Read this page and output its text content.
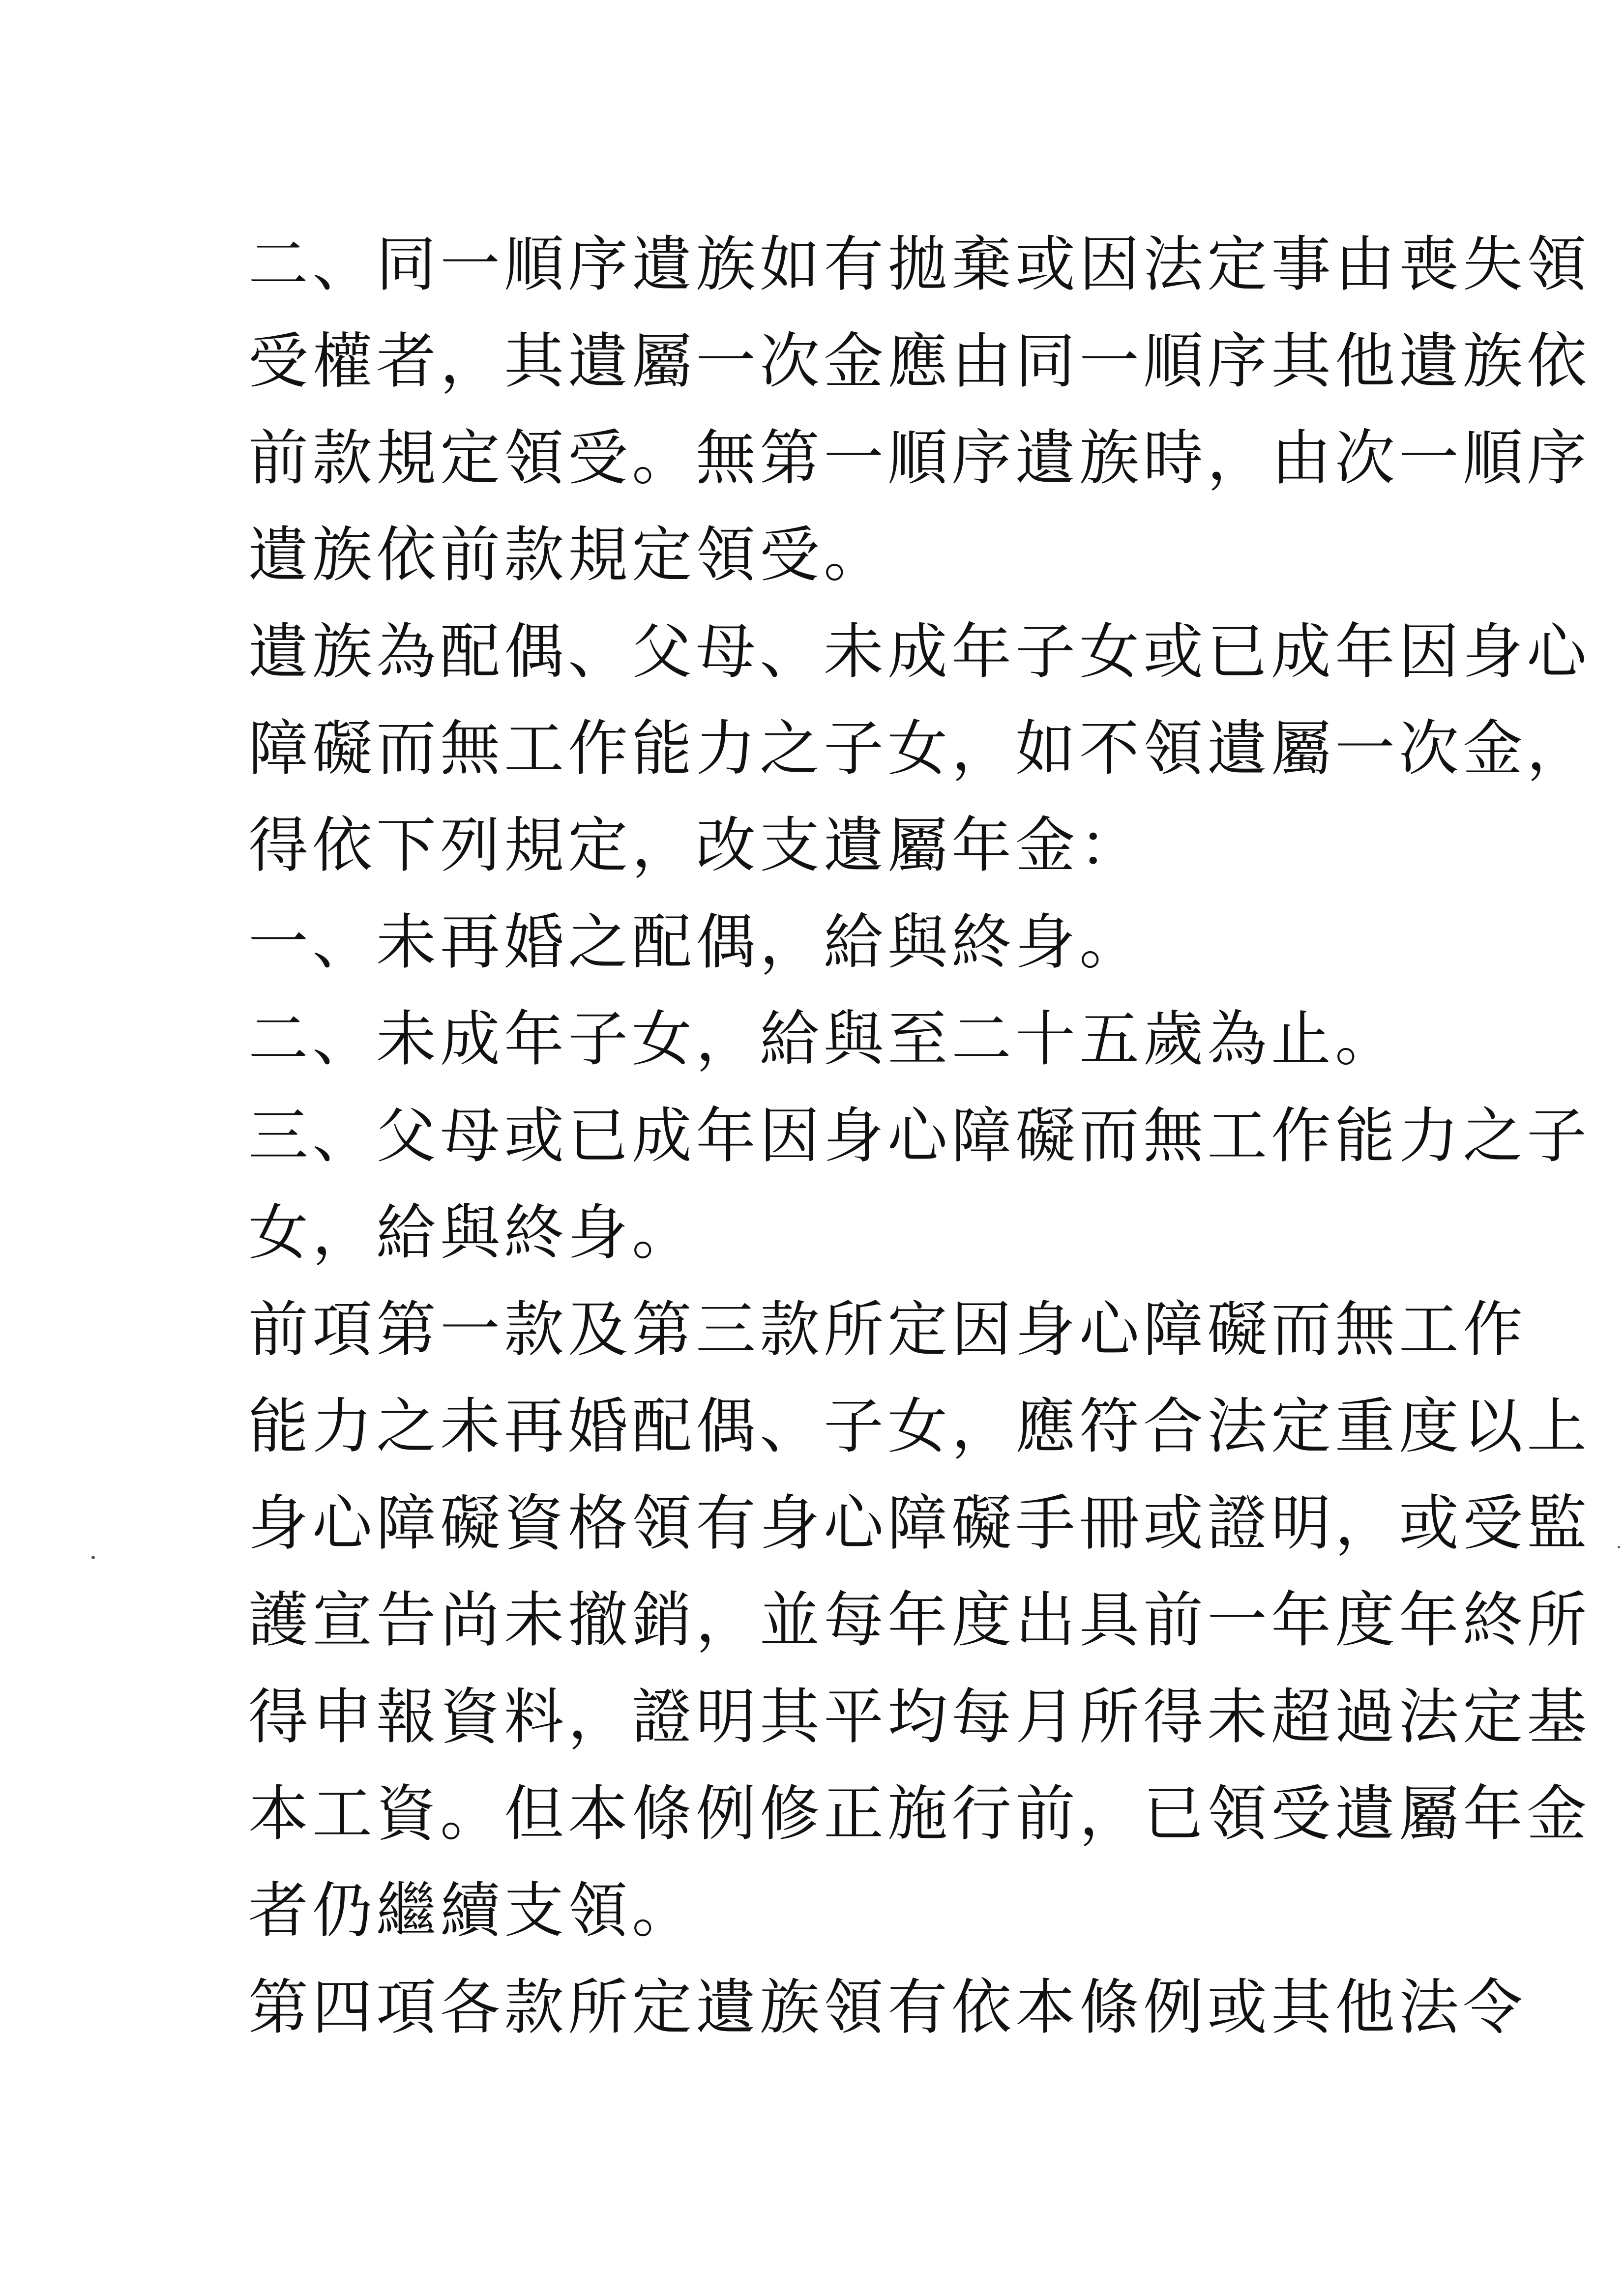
二、同一順序遺族如有拋棄或因法定事由喪失領
受權者，其遺屬一次金應由同一順序其他遺族依
前款規定領受。無第一順序遺族時，由次一順序
遺族依前款規定領受。
遺族為配偶、父母、未成年子女或已成年因身心
障礙而無工作能力之子女，如不領遺屬一次金，
得依下列規定，改支遺屬年金：
一、未再婚之配偶，給與終身。
二、未成年子女，給與至二十五歲為止。
三、父母或已成年因身心障礙而無工作能力之子
女，給與終身。
前項第一款及第三款所定因身心障礙而無工作
能力之未再婚配偶、子女，應符合法定重度以上
身心障礙資格領有身心障礙手冊或證明，或受監
護宣告尚未撤銷，並每年度出具前一年度年終所
得申報資料，證明其平均每月所得未超過法定基
本工資。但本條例修正施行前，已領受遺屬年金
者仍繼續支領。
第四項各款所定遺族領有依本條例或其他法令
